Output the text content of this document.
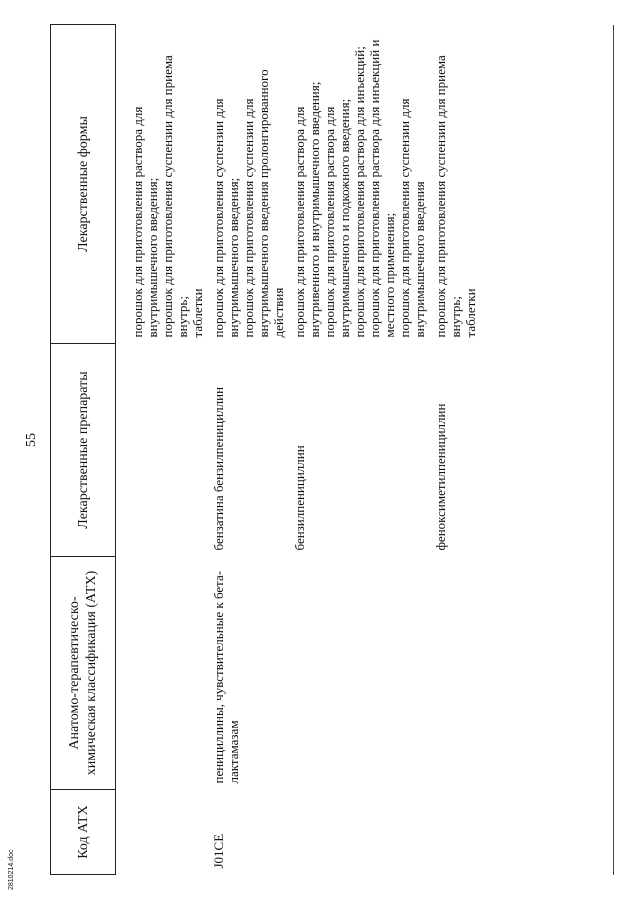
55
Код АТХ	Анатомо-терапевтическо-химическая классификация (АТХ)	Лекарственные препараты	Лекарственные формы

			порошок для приготовления раствора для внутримышечного введения; порошок для приготовления суспензии для приема внутрь; таблетки

J01CE	пенициллины, чувствительные к бета-лактамазам	бензатина бензилпенициллин	порошок для приготовления суспензии для внутримышечного введения; порошок для приготовления суспензии для внутримышечного введения пролонгированного действия

		бензилпенициллин	порошок для приготовления раствора для внутривенного и внутримышечного введения; порошок для приготовления раствора для внутримышечного и подкожного введения; порошок для приготовления раствора для инъекций; порошок для приготовления раствора для инъекций и местного применения; порошок для приготовления суспензии для внутримышечного введения

		феноксиметилпенициллин	порошок для приготовления суспензии для приема внутрь; таблетки
2810214.doc
